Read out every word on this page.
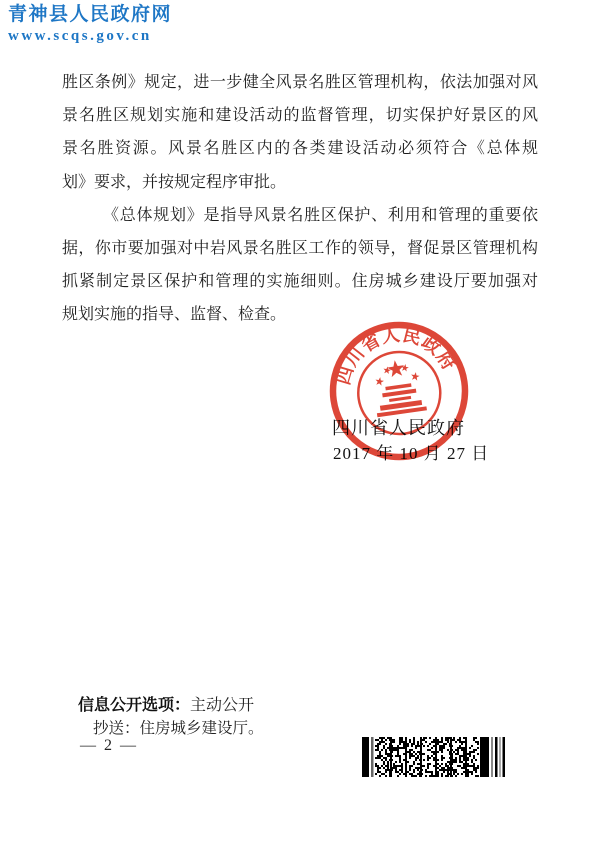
青神县人民政府网
www.scqs.gov.cn
胜区条例》规定，进一步健全风景名胜区管理机构，依法加强对风
景名胜区规划实施和建设活动的监督管理，切实保护好景区的风
景名胜资源。风景名胜区内的各类建设活动必须符合《总体规
划》要求，并按规定程序审批。
《总体规划》是指导风景名胜区保护、利用和管理的重要依
据，你市要加强对中岩风景名胜区工作的领导，督促景区管理机构
抓紧制定景区保护和管理的实施细则。住房城乡建设厅要加强对
规划实施的指导、监督、检查。
四川省人民政府
2017 年 10 月 27 日
四川省人民政府
信息公开选项：主动公开
抄送：住房城乡建设厅。
— 2 —
